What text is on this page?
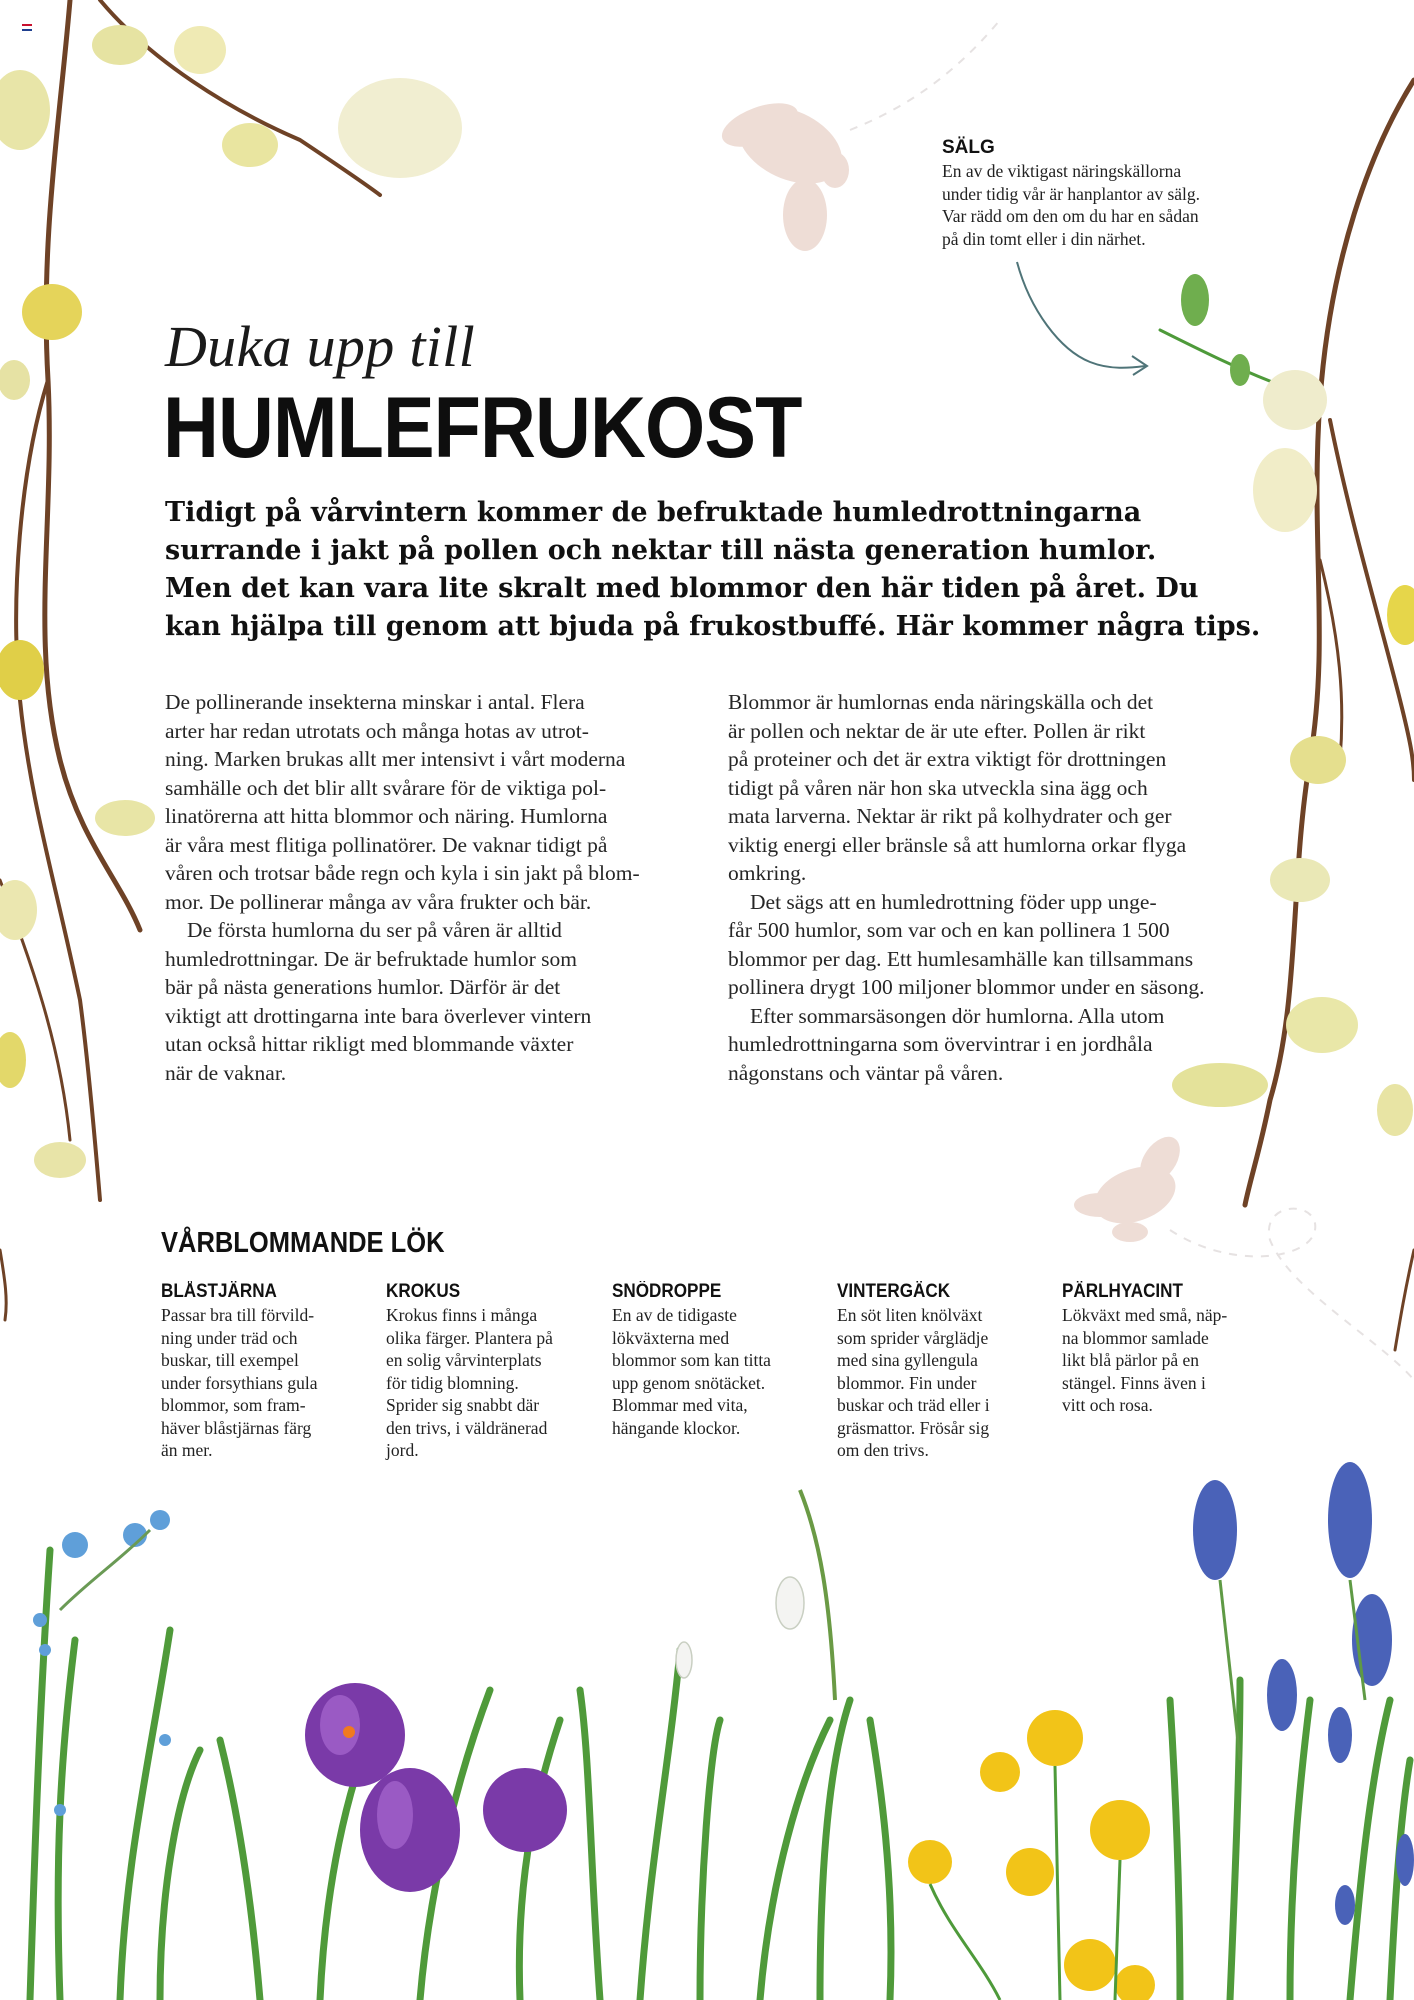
SÄLG
En av de viktigast näringskällorna
under tidig vår är hanplantor av sälg.
Var rädd om den om du har en sådan
på din tomt eller i din närhet.
Duka upp till
HUMLEFRUKOST
Tidigt på vårvintern kommer de befruktade humledrottningarna
surrande i jakt på pollen och nektar till nästa generation humlor.
Men det kan vara lite skralt med blommor den här tiden på året. Du
kan hjälpa till genom att bjuda på frukostbuffé. Här kommer några tips.
De pollinerande insekterna minskar i antal. Flera
arter har redan utrotats och många hotas av utrot-
ning. Marken brukas allt mer intensivt i vårt moderna
samhälle och det blir allt svårare för de viktiga pol-
linatörerna att hitta blommor och näring. Humlorna
är våra mest flitiga pollinatörer. De vaknar tidigt på
våren och trotsar både regn och kyla i sin jakt på blom-
mor. De pollinerar många av våra frukter och bär.
De första humlorna du ser på våren är alltid
humledrottningar. De är befruktade humlor som
bär på nästa generations humlor. Därför är det
viktigt att drottingarna inte bara överlever vintern
utan också hittar rikligt med blommande växter
när de vaknar.
Blommor är humlornas enda näringskälla och det
är pollen och nektar de är ute efter. Pollen är rikt
på proteiner och det är extra viktigt för drottningen
tidigt på våren när hon ska utveckla sina ägg och
mata larverna. Nektar är rikt på kolhydrater och ger
viktig energi eller bränsle så att humlorna orkar flyga
omkring.
Det sägs att en humledrottning föder upp unge-
får 500 humlor, som var och en kan pollinera 1 500
blommor per dag. Ett humlesamhälle kan tillsammans
pollinera drygt 100 miljoner blommor under en säsong.
Efter sommarsäsongen dör humlorna. Alla utom
humledrottningarna som övervintrar i en jordhåla
någonstans och väntar på våren.
VÅRBLOMMANDE LÖK
BLÅSTJÄRNA
Passar bra till förvild-
ning under träd och
buskar, till exempel
under forsythians gula
blommor, som fram-
häver blåstjärnas färg
än mer.
KROKUS
Krokus finns i många
olika färger. Plantera på
en solig vårvinterplats
för tidig blomning.
Sprider sig snabbt där
den trivs, i väldränerad
jord.
SNÖDROPPE
En av de tidigaste
lökväxterna med
blommor som kan titta
upp genom snötäcket.
Blommar med vita,
hängande klockor.
VINTERGÄCK
En söt liten knölväxt
som sprider vårglädje
med sina gyllengula
blommor. Fin under
buskar och träd eller i
gräsmattor. Frösår sig
om den trivs.
PÄRLHYACINT
Lökväxt med små, näp-
na blommor samlade
likt blå pärlor på en
stängel. Finns även i
vitt och rosa.
